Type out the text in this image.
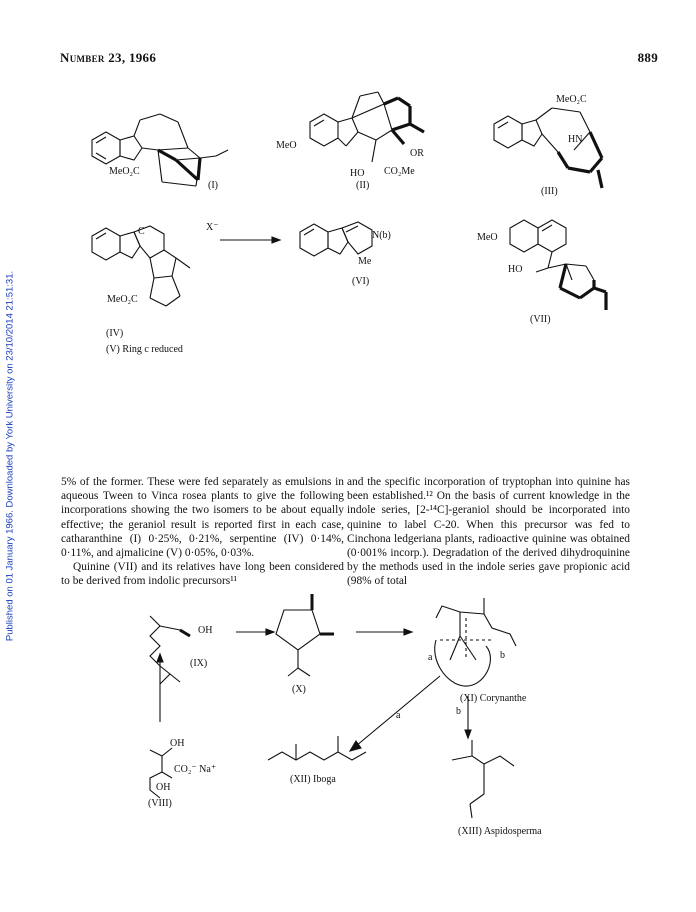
Number 23, 1966	889
Published on 01 January 1966. Downloaded by York University on 23/10/2014 21:51:31.
(I)	(II)
(III)
(IV)
(V) Ring c reduced
(VI)
(VII)
MeO₂C
MeO
OR
HO CO₂Me
MeO₂C
HN
X⁻
C
MeO₂C
N(b)
Me
MeO
HO

5% of the former. These were fed separately as emulsions in aqueous Tween to Vinca rosea plants to give the following incorporations showing the two isomers to be about equally effective; the geraniol result is reported first in each case, catharanthine (I) 0·25%, 0·21%, serpentine (IV) 0·14%, 0·11%, and ajmalicine (V) 0·05%, 0·03%.

Quinine (VII) and its relatives have long been considered to be derived from indolic precursors¹¹

and the specific incorporation of tryptophan into quinine has been established.¹² On the basis of current knowledge in the indole series, [2-¹⁴C]-geraniol should be incorporated into quinine to label C-20. When this precursor was fed to Cinchona ledgeriana plants, radioactive quinine was obtained (0·001% incorp.). Degradation of the derived dihydroquinine by the methods used in the indole series gave propionic acid (98% of total

OH
(IX)
(X)
(XI) Corynanthe
(XII) Iboga
(XIII) Aspidosperma
(VIII)
OH
OH
CO₂⁻ Na⁺
a	b
a	b
